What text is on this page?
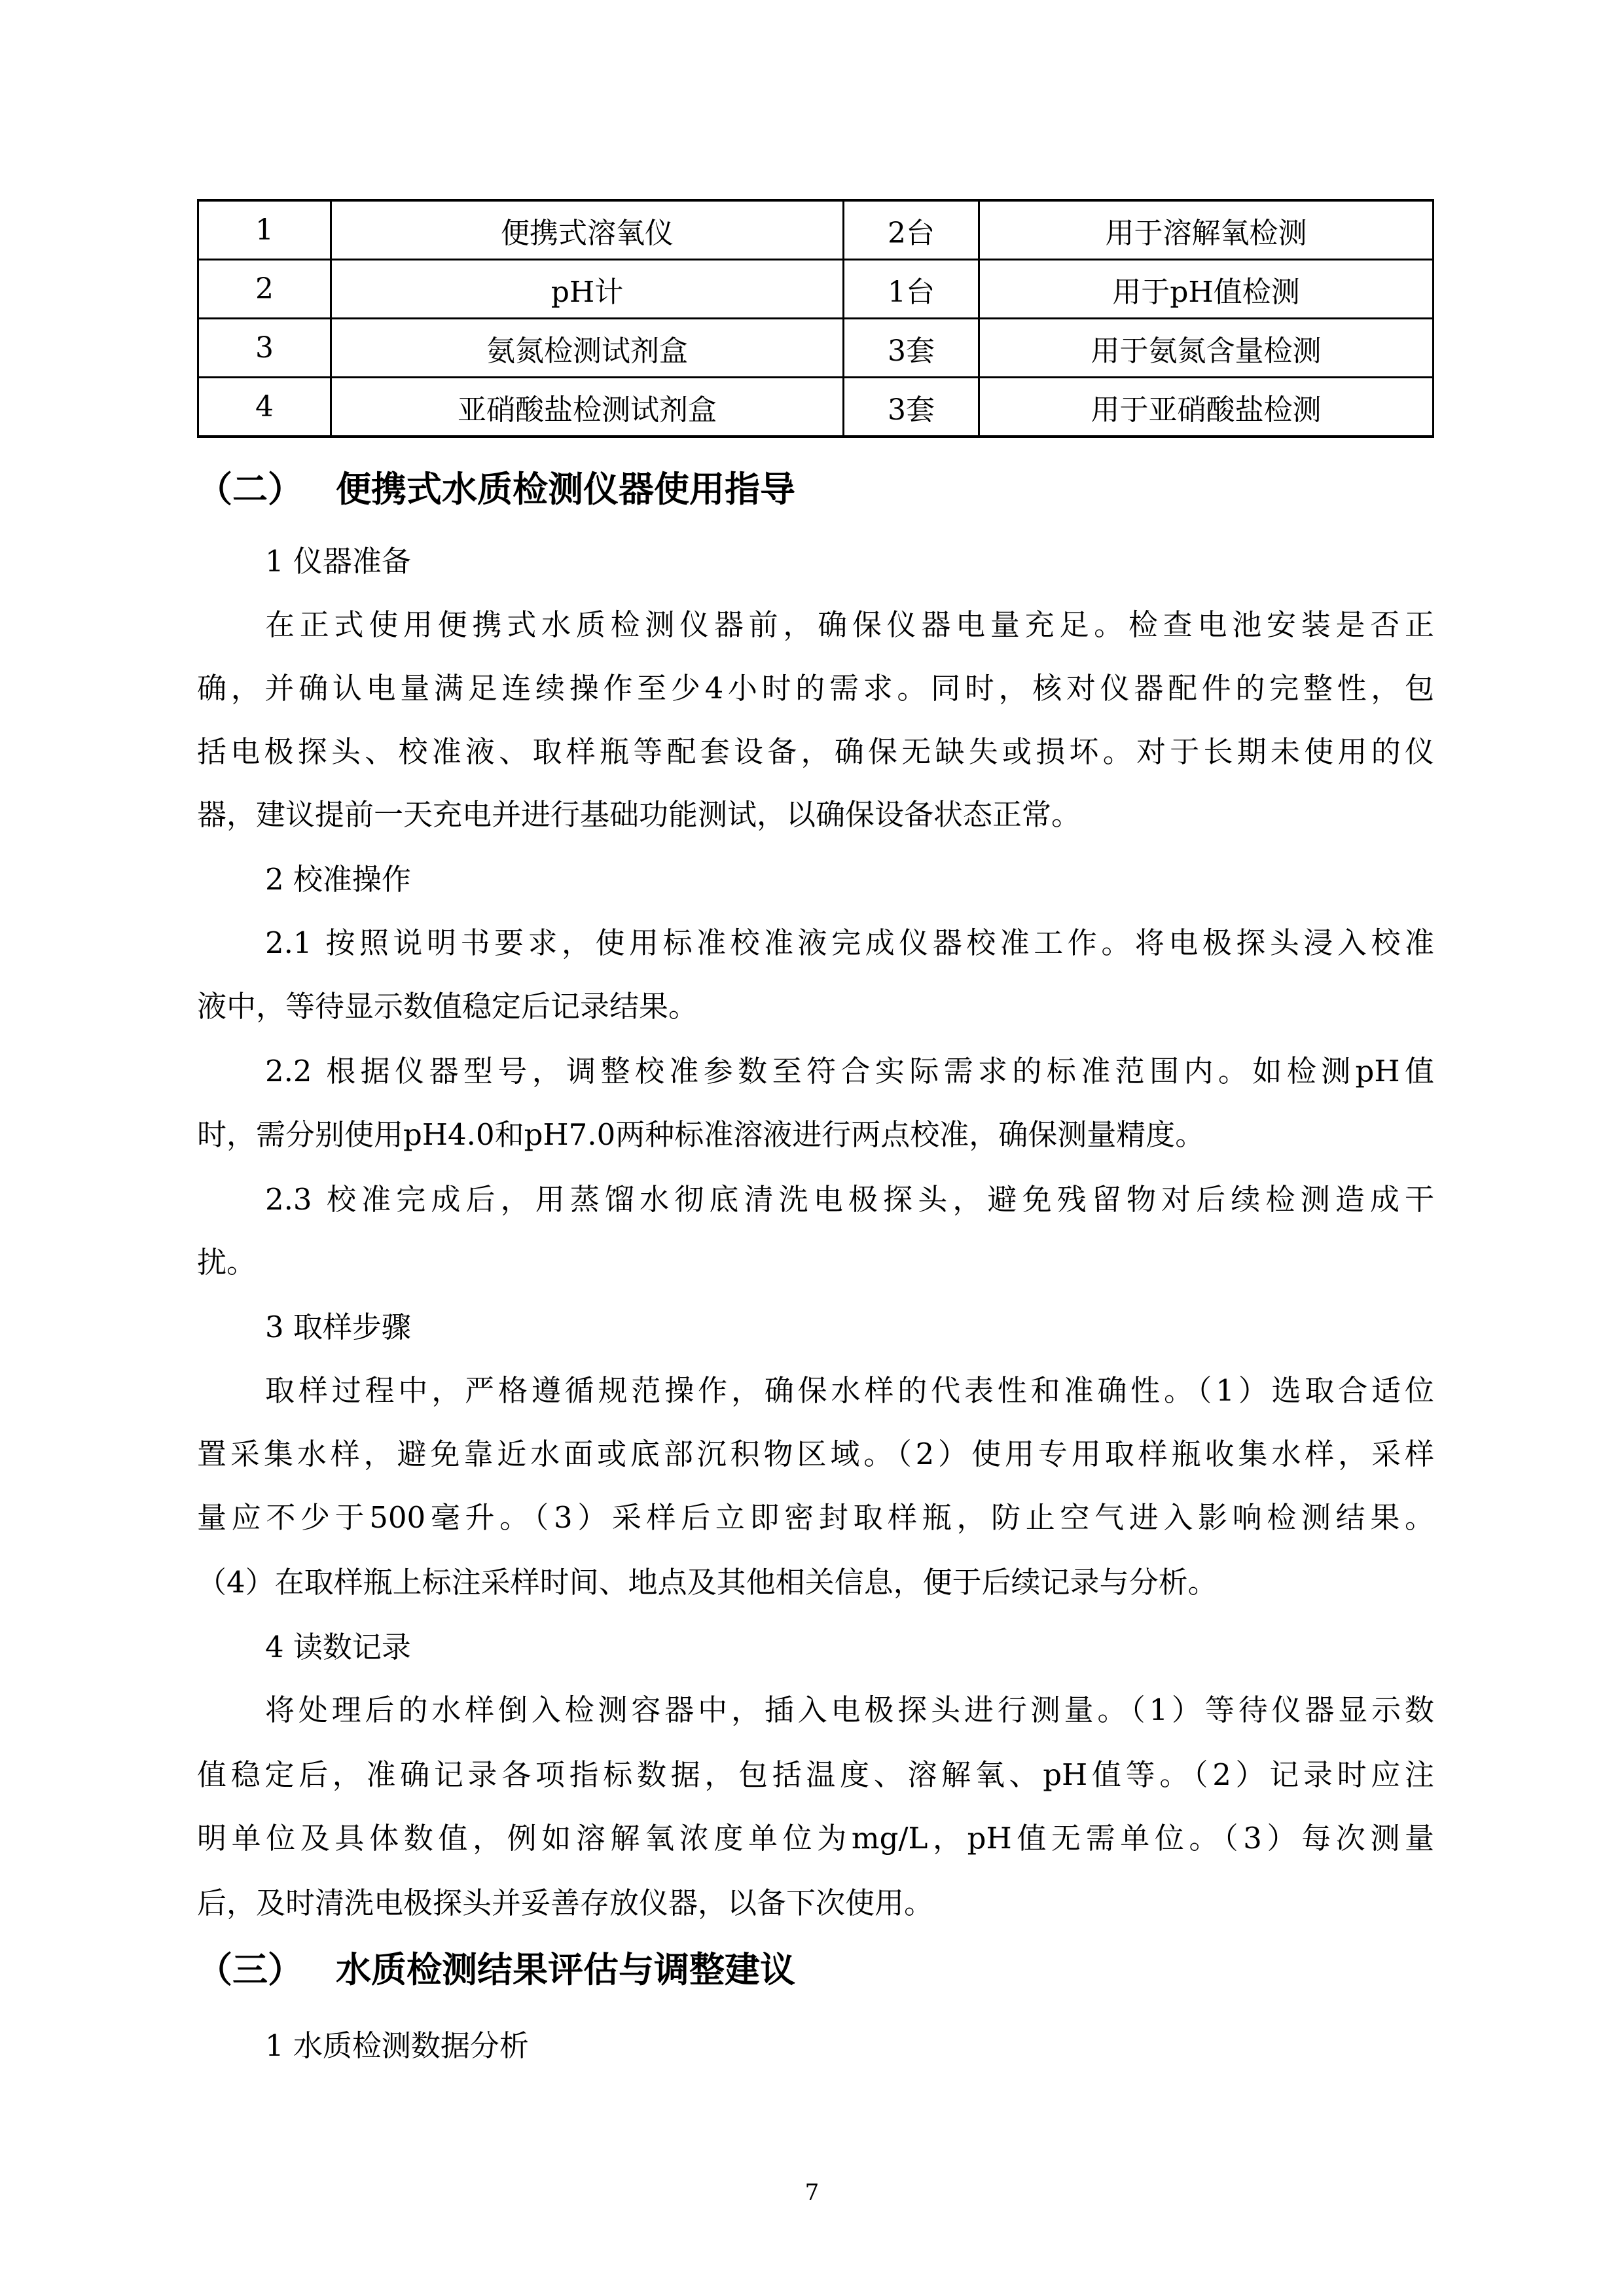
1	便携式溶氧仪	2台	用于溶解氧检测
2	pH计	1台	用于pH值检测
3	氨氮检测试剂盒	3套	用于氨氮含量检测
4	亚硝酸盐检测试剂盒	3套	用于亚硝酸盐检测
（二） 便携式水质检测仪器使用指导
1 仪器准备
在正式使用便携式水质检测仪器前，确保仪器电量充足。检查电池安装是否正
确，并确认电量满足连续操作至少4小时的需求。同时，核对仪器配件的完整性，包
括电极探头、校准液、取样瓶等配套设备，确保无缺失或损坏。对于长期未使用的仪
器，建议提前一天充电并进行基础功能测试，以确保设备状态正常。
2 校准操作
2.1 按照说明书要求，使用标准校准液完成仪器校准工作。将电极探头浸入校准
液中，等待显示数值稳定后记录结果。
2.2 根据仪器型号，调整校准参数至符合实际需求的标准范围内。如检测pH值
时，需分别使用pH4.0和pH7.0两种标准溶液进行两点校准，确保测量精度。
2.3 校准完成后，用蒸馏水彻底清洗电极探头，避免残留物对后续检测造成干
扰。
3 取样步骤
取样过程中，严格遵循规范操作，确保水样的代表性和准确性。（1）选取合适位
置采集水样，避免靠近水面或底部沉积物区域。（2）使用专用取样瓶收集水样，采样
量应不少于500毫升。（3）采样后立即密封取样瓶，防止空气进入影响检测结果。
（4）在取样瓶上标注采样时间、地点及其他相关信息，便于后续记录与分析。
4 读数记录
将处理后的水样倒入检测容器中，插入电极探头进行测量。（1）等待仪器显示数
值稳定后，准确记录各项指标数据，包括温度、溶解氧、pH值等。（2）记录时应注
明单位及具体数值，例如溶解氧浓度单位为mg/L，pH值无需单位。（3）每次测量
后，及时清洗电极探头并妥善存放仪器，以备下次使用。
（三） 水质检测结果评估与调整建议
1 水质检测数据分析
7
